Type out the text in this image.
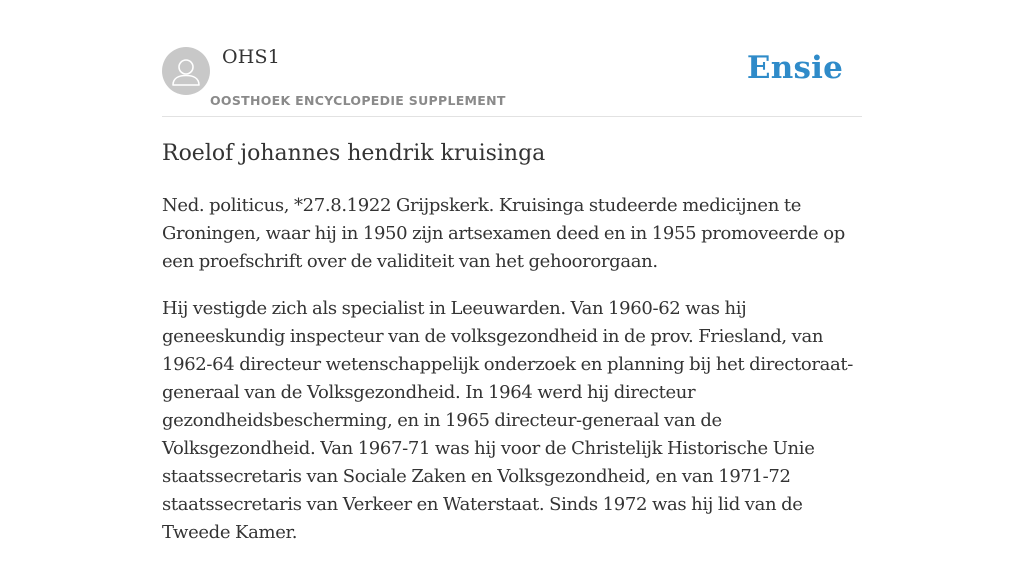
OHS1
OOSTHOEK ENCYCLOPEDIE SUPPLEMENT
Ensie
Roelof johannes hendrik kruisinga

Ned. politicus, *27.8.1922 Grijpskerk. Kruisinga studeerde medicijnen te Groningen, waar hij in 1950 zijn artsexamen deed en in 1955 promoveerde op een proefschrift over de validiteit van het gehoororgaan.

Hij vestigde zich als specialist in Leeuwarden. Van 1960-62 was hij geneeskundig inspecteur van de volksgezondheid in de prov. Friesland, van 1962-64 directeur wetenschappelijk onderzoek en planning bij het directoraat-generaal van de Volksgezondheid. In 1964 werd hij directeur gezondheidsbescherming, en in 1965 directeur-generaal van de Volksgezondheid. Van 1967-71 was hij voor de Christelijk Historische Unie staatssecretaris van Sociale Zaken en Volksgezondheid, en van 1971-72 staatssecretaris van Verkeer en Waterstaat. Sinds 1972 was hij lid van de Tweede Kamer.
